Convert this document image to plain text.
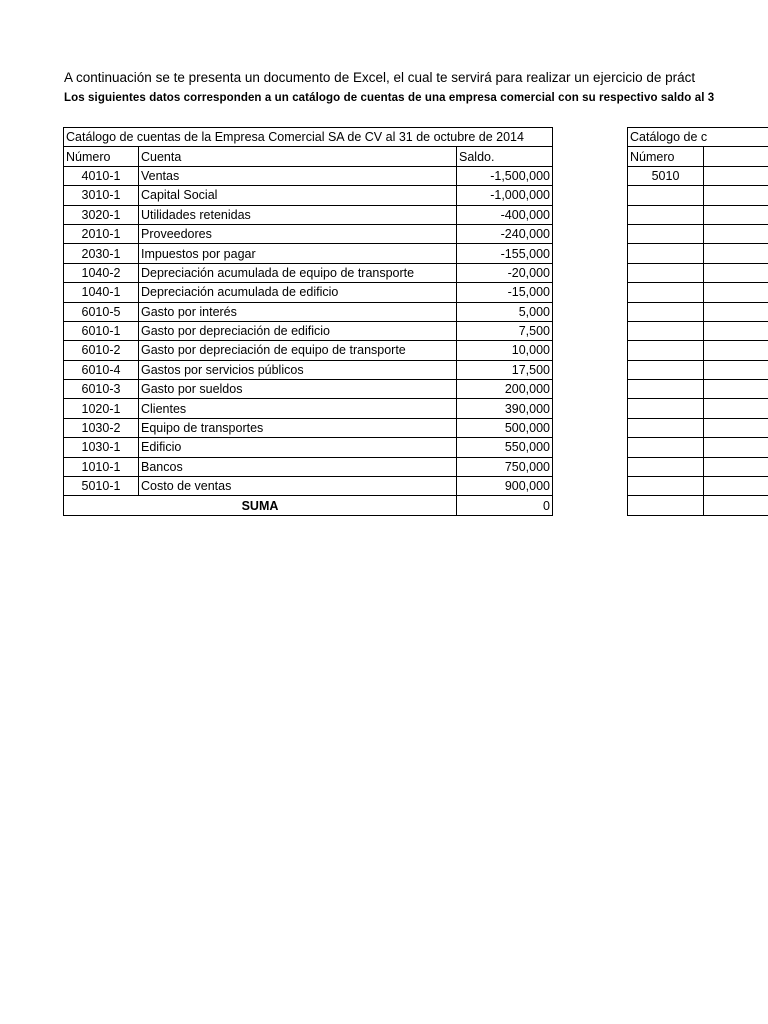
A continuación se te presenta un documento de Excel, el cual te servirá para realizar un ejercicio de práct
Los siguientes datos corresponden a un catálogo de cuentas de una empresa comercial con su respectivo saldo al 3
Catálogo de cuentas de la Empresa Comercial SA de CV al 31 de octubre de 2014		
Número	Cuenta	Saldo.
4010-1	Ventas	-1,500,000
3010-1	Capital Social	-1,000,000
3020-1	Utilidades retenidas	-400,000
2010-1	Proveedores	-240,000
2030-1	Impuestos por pagar	-155,000
1040-2	Depreciación acumulada de equipo de transporte	-20,000
1040-1	Depreciación acumulada de edificio	-15,000
6010-5	Gasto por interés	5,000
6010-1	Gasto por depreciación de edificio	7,500
6010-2	Gasto por depreciación de equipo de transporte	10,000
6010-4	Gastos por servicios públicos	17,500
6010-3	Gasto por sueldos	200,000
1020-1	Clientes	390,000
1030-2	Equipo de transportes	500,000
1030-1	Edificio	550,000
1010-1	Bancos	750,000
5010-1	Costo de ventas	900,000
SUMA		0
Catálogo de c	
Número	
5010	
